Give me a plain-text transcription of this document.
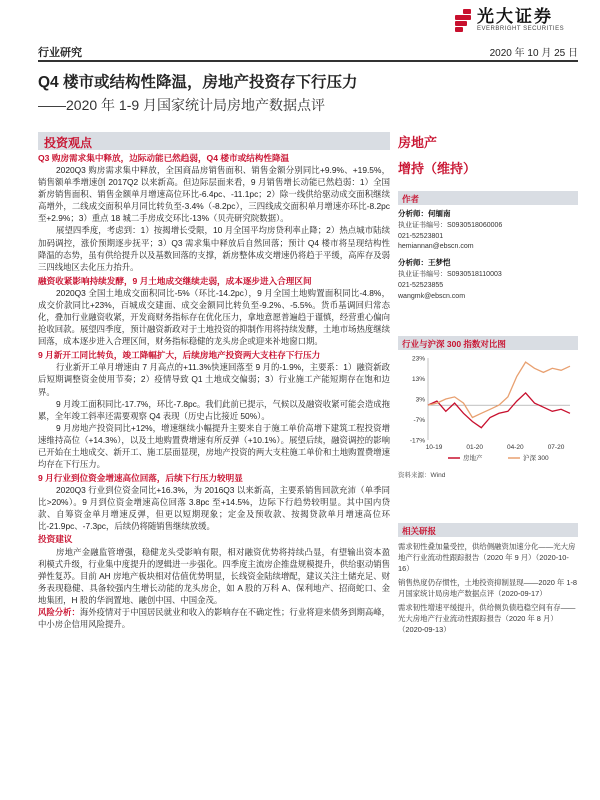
光大证券
EVERBRIGHT SECURITIES
行业研究	2020 年 10 月 25 日
Q4 楼市或结构性降温，房地产投资存下行压力
——2020 年 1-9 月国家统计局房地产数据点评
投资观点
Q3 购房需求集中释放，边际动能已然趋弱，Q4 楼市或结构性降温
2020Q3 购房需求集中释放，全国商品房销售面积、销售金额分别同比+9.9%、+19.5%，销售额单季增速创 2017Q2 以来新高。但边际层面来看，9 月销售增长动能已然趋弱：1）全国新房销售面积、销售金额单月增速高位环比-6.4pc、-11.1pc；2）除一线供给驱动成交面积继续高增外，二线成交面积单月同比转负至-3.4%（-8.2pc），三四线成交面积单月增速亦环比-8.2pc 至+2.9%；3）重点 18 城二手房成交环比-13%（贝壳研究院数据）。
展望四季度，考虑到：1）按揭增长受限，10 月全国平均房贷利率止降；2）热点城市陆续加码调控，涨价预期逐步抚平；3）Q3 需求集中释放后自然回落；预计 Q4 楼市将呈现结构性降温的态势，虽有供给提升以及基数回落的支撑，新房整体成交增速仍将趋于平缓，高库存及弱三四线地区去化压力抬升。
融资收紧影响持续发酵，9 月土地成交继续走弱，成本逐步进入合理区间
2020Q3 全国土地成交面积同比-5%（环比-14.2pc），9 月全国土地购置面积同比-4.8%，成交价款同比+23%，百城成交建面、成交金额同比转负至-9.2%、-5.5%。货币基调回归常态化，叠加行业融资收紧，开发商财务指标存在优化压力，拿地意愿普遍趋于谨慎，经营重心偏向抢收回款。展望四季度，预计融资新政对于土地投资的抑制作用将持续发酵，土地市场热度继续回落，成本逐步进入合理区间，财务指标稳健的龙头房企或迎来补地窗口期。
9 月新开工同比转负，竣工降幅扩大，后续房地产投资两大支柱存下行压力
行业新开工单月增速由 7 月高点的+11.3%快速回落至 9 月的-1.9%，主要系：1）融资新政后短期调整资金使用节奏；2）疫情导致 Q1 土地成交偏弱；3）行业施工产能短期存在饱和边界。
9 月竣工面积同比-17.7%，环比-7.8pc。我们此前已提示，气候以及融资收紧可能会造成拖累，全年竣工斜率还需要观察 Q4 表现（历史占比接近 50%）。
9 月房地产投资同比+12%，增速继续小幅提升主要来自于施工单价高增下建筑工程投资增速维持高位（+14.3%），以及土地购置费增速有所反弹（+10.1%）。展望后续，融资调控的影响已开始在土地成交、新开工、施工层面显现，房地产投资的两大支柱施工单价和土地购置费增速均存在下行压力。
9 月行业到位资金增速高位回落，后续下行压力较明显
2020Q3 行业到位资金同比+16.3%，为 2016Q3 以来新高，主要系销售回款充沛（单季同比>20%）。9 月到位资金增速高位回落 3.8pc 至+14.5%，边际下行趋势较明显。其中国内贷款、自筹资金单月增速反弹，但更以短期现象；定金及预收款、按揭贷款单月增速高位环比-21.9pc、-7.3pc，后续仍将随销售继续放缓。
投资建议
房地产金融监管增强，稳健龙头受影响有限，相对融资优势将持续凸显，有望输出资本盈利模式升级，行业集中度提升的逻辑进一步强化。四季度主流房企推盘规模提升，供给驱动销售弹性复苏。目前 AH 房地产板块相对估值优势明显，长线资金陆续增配，建议关注土储充足、财务表现稳健、具备较强内生增长动能的龙头房企，如 A 股的万科 A、保利地产、招商蛇口、金地集团，H 股的华润置地、融创中国、中国金茂。
风险分析：海外疫情对于中国居民就业和收入的影响存在不确定性；行业将迎来债务到期高峰，中小房企信用风险提升。
房地产
增持（维持）
作者
分析师：何缅南
执业证书编号：S0930518060006
021-52523801
hemiannan@ebscn.com
分析师：王梦恺
执业证书编号：S0930518110003
021-52523855
wangmk@ebscn.com
行业与沪深 300 指数对比图
23%
13%
3%
-7%
-17%
10-19	01-20	04-20	07-20
房地产	沪深 300
资料来源：Wind
相关研报
需求韧性叠加量受控，供给侧融资加速分化——光大房地产行业流动性跟踪报告（2020 年 9 月）（2020-10-16）
销售热度仍存惯性，土地投资抑制显现——2020 年 1-8 月国家统计局房地产数据点评（2020-09-17）
需求韧性增速平缓提升，供给侧负债趋稳空间有存——光大房地产行业流动性跟踪报告（2020 年 8 月）（2020-09-13）
